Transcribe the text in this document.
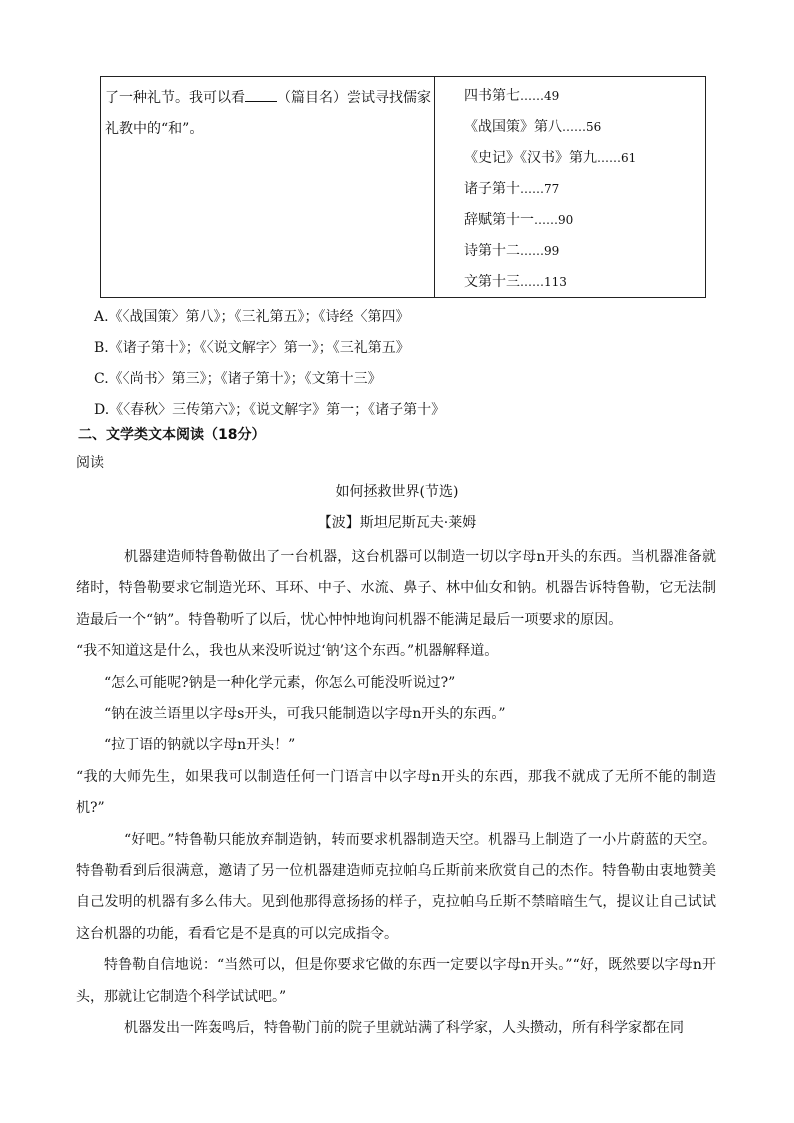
了一种礼节。我可以看 （篇目名）尝试寻找儒家礼教中的“和”。
四书第七……49
《战国策》第八……56
《史记》《汉书》第九……61
诸子第十……77
辞赋第十一……90
诗第十二……99
文第十三……113
A.《〈战国策〉第八》；《三礼第五》；《诗经〈第四》
B.《诸子第十》；《〈说文解字〉第一》；《三礼第五》
C.《〈尚书〉第三》；《诸子第十》；《文第十三》
D.《〈春秋〉三传第六》；《说文解字》第一；《诸子第十》
二、文学类文本阅读（18分）
阅读
如何拯救世界(节选)
【波】斯坦尼斯瓦夫·莱姆

机器建造师特鲁勒做出了一台机器，这台机器可以制造一切以字母n开头的东西。当机器准备就绪时，特鲁勒要求它制造光环、耳环、中子、水流、鼻子、林中仙女和钠。机器告诉特鲁勒，它无法制造最后一个“钠”。特鲁勒听了以后，忧心忡忡地询问机器不能满足最后一项要求的原因。

“我不知道这是什么，我也从来没听说过‘钠’这个东西。”机器解释道。

“怎么可能呢?钠是一种化学元素，你怎么可能没听说过?”

“钠在波兰语里以字母s开头，可我只能制造以字母n开头的东西。”

“拉丁语的钠就以字母n开头！”

“我的大师先生，如果我可以制造任何一门语言中以字母n开头的东西，那我不就成了无所不能的制造机?”

“好吧。”特鲁勒只能放弃制造钠，转而要求机器制造天空。机器马上制造了一小片蔚蓝的天空。特鲁勒看到后很满意，邀请了另一位机器建造师克拉帕乌丘斯前来欣赏自己的杰作。特鲁勒由衷地赞美自己发明的机器有多么伟大。见到他那得意扬扬的样子，克拉帕乌丘斯不禁暗暗生气，提议让自己试试这台机器的功能，看看它是不是真的可以完成指令。

特鲁勒自信地说：“当然可以，但是你要求它做的东西一定要以字母n开头。”“好，既然要以字母n开头，那就让它制造个科学试试吧。”

机器发出一阵轰鸣后，特鲁勒门前的院子里就站满了科学家，人头攒动，所有科学家都在同
